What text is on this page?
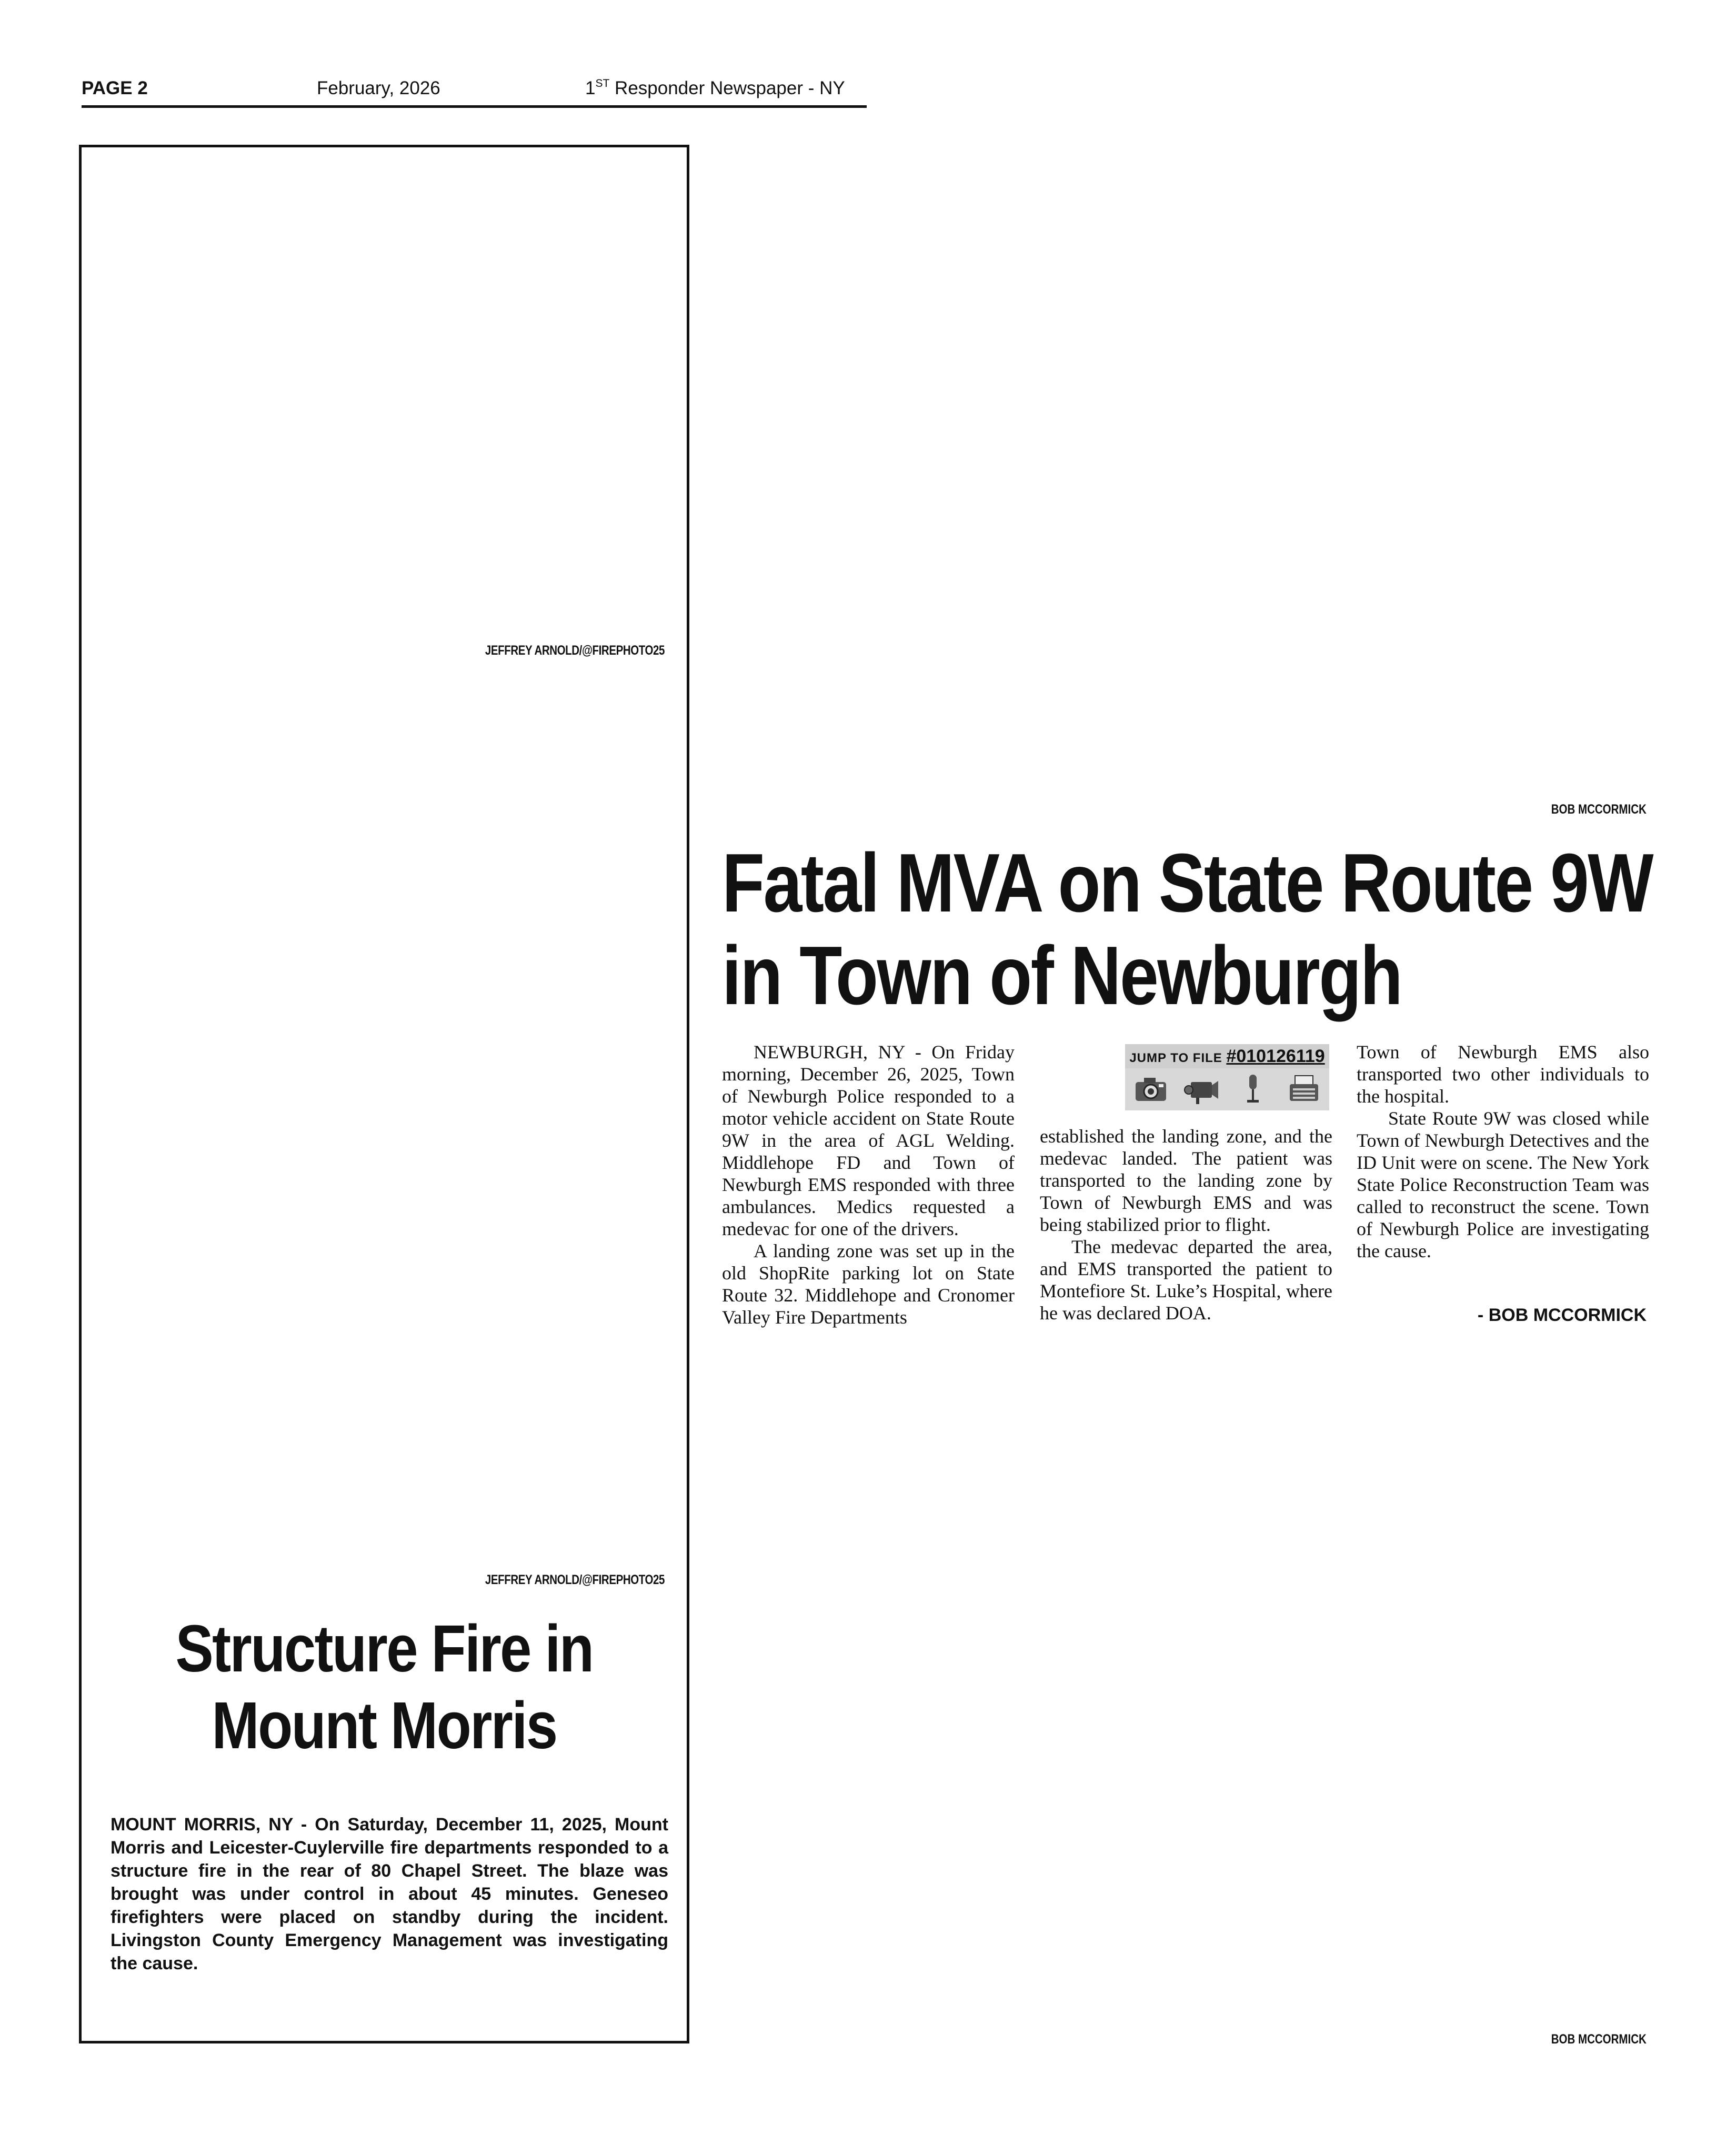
PAGE 2	February, 2026	1ST Responder Newspaper - NY
JEFFREY ARNOLD/@FIREPHOTO25
JEFFREY ARNOLD/@FIREPHOTO25
Structure Fire in
Mount Morris
MOUNT MORRIS, NY - On Saturday, December 11, 2025, Mount Morris and Leicester-Cuylerville fire departments responded to a structure fire in the rear of 80 Chapel Street. The blaze was brought was under control in about 45 minutes. Geneseo firefighters were placed on standby during the incident. Livingston County Emergency Management was investigating the cause.
BOB MCCORMICK
Fatal MVA on State Route 9W
in Town of Newburgh

NEWBURGH, NY - On Friday morning, December 26, 2025, Town of Newburgh Police responded to a motor vehicle accident on State Route 9W in the area of AGL Welding. Middlehope FD and Town of Newburgh EMS responded with three ambulances. Medics requested a medevac for one of the drivers.

A landing zone was set up in the old ShopRite parking lot on State Route 32. Middlehope and Cronomer Valley Fire Departments

JUMP TO FILE #010126119

established the landing zone, and the medevac landed. The patient was transported to the landing zone by Town of Newburgh EMS and was being stabilized prior to flight.

The medevac departed the area, and EMS transported the patient to Montefiore St. Luke’s Hospital, where he was declared DOA.

Town of Newburgh EMS also transported two other individuals to the hospital.

State Route 9W was closed while Town of Newburgh Detectives and the ID Unit were on scene. The New York State Police Reconstruction Team was called to reconstruct the scene. Town of Newburgh Police are investigating the cause.

- BOB MCCORMICK
BOB MCCORMICK
